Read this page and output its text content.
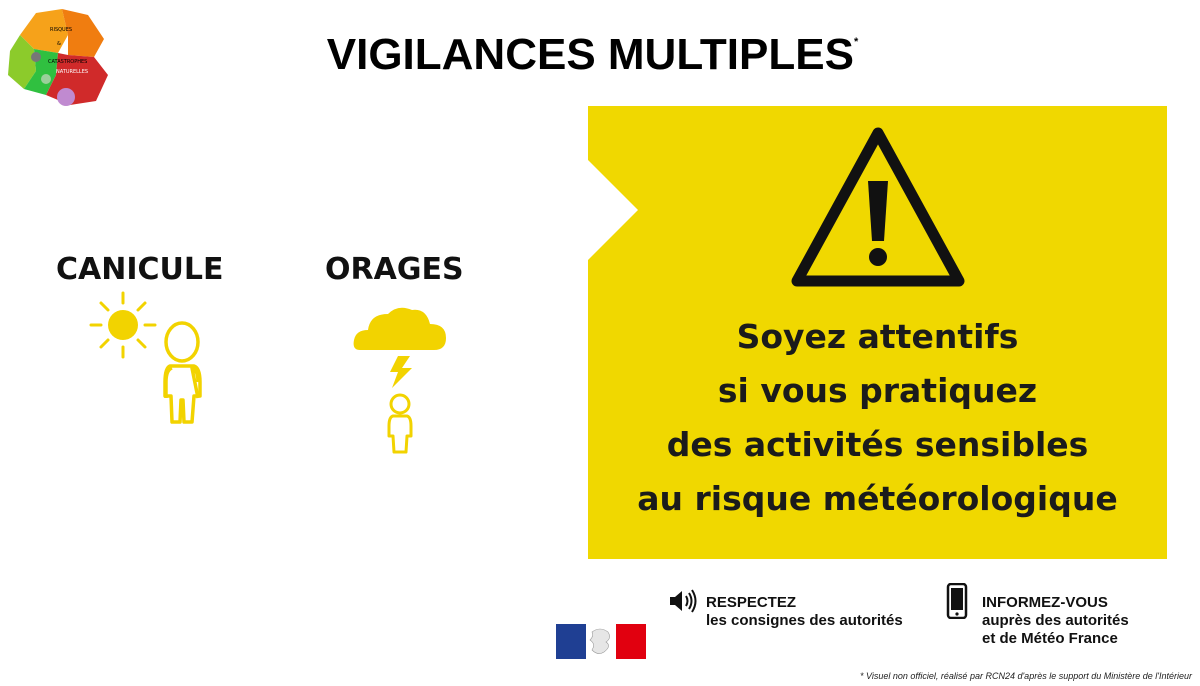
RISQUES
&
CATASTROPHES
NATURELLES	VIGILANCES MULTIPLES*
CANICULE	ORAGES
Soyez attentifs
si vous pratiquez
des activités sensibles
au risque météorologique
RESPECTEZ
les consignes des autorités
INFORMEZ-VOUS
auprès des autorités
et de Météo France
* Visuel non officiel, réalisé par RCN24 d'après le support du Ministère de l'Intérieur
